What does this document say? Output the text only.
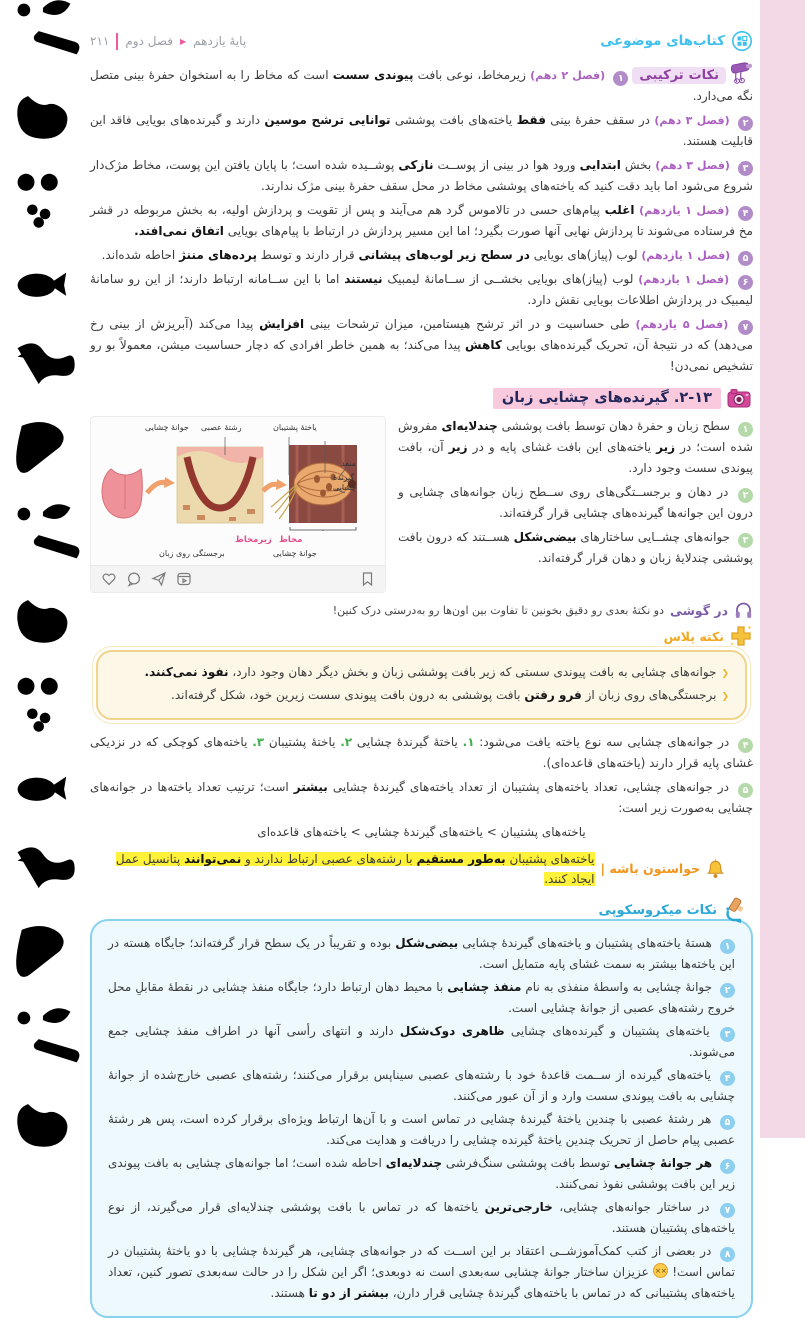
کتاب‌های موضوعی
۲۱۱ فصل دوم ▶ پایهٔ یازدهم

نکات ترکیبی۱ (فصل ۲ دهم) زیرمخاط، نوعی بافت پیوندی سست است که مخاط را به استخوان حفرهٔ بینی متصل نگه می‌دارد.

۲ (فصل ۳ دهم) در سقف حفرهٔ بینی فقط یاخته‌های بافت پوششی توانایی ترشح موسین دارند و گیرنده‌های بویایی فاقد این قابلیت هستند.

۳ (فصل ۳ دهم) بخش ابتدایی ورود هوا در بینی از پوســت نازکی پوشــیده شده است؛ با پایان یافتن این پوست، مخاط مژک‌دار شروع می‌شود اما باید دقت کنید که یاخته‌های پوششی مخاط در محل سقف حفرهٔ بینی مژک ندارند.

۴ (فصل ۱ یازدهم) اغلب پیام‌های حسی در تالاموس گرد هم می‌آیند و پس از تقویت و پردازش اولیه، به بخش مربوطه در قشر مخ فرستاده می‌شوند تا پردازش نهایی آنها صورت بگیرد؛ اما این مسیر پردازش در ارتباط با پیام‌های بویایی اتفاق نمی‌افتد.

۵ (فصل ۱ یازدهم) لوب (پیاز)های بویایی در سطح زیر لوب‌های پیشانی قرار دارند و توسط پرده‌های مننژ احاطه شده‌اند.

۶ (فصل ۱ یازدهم) لوب (پیاز)های بویایی بخشــی از ســامانهٔ لیمبیک نیستند اما با این ســامانه ارتباط دارند؛ از این رو سامانهٔ لیمبیک در پردازش اطلاعات بویایی نقش دارد.

۷ (فصل ۵ یازدهم) طی حساسیت و در اثر ترشح هیستامین، میزان ترشحات بینی افزایش پیدا می‌کند (آبریزش از بینی رخ می‌دهد) که در نتیجهٔ آن، تحریک گیرنده‌های بویایی کاهش پیدا می‌کند؛ به همین خاطر افرادی که دچار حساسیت میشن، معمولاً بو رو تشخیص نمی‌دن!

۲-۱۳. گیرنده‌های چشایی زبان

۱ سطح زبان و حفرهٔ دهان توسط بافت پوششی چندلایه‌ای مفروش شده است؛ در زیر یاخته‌های این بافت غشای پایه و در زیر آن، بافت پیوندی سست وجود دارد.

۲ در دهان و برجســتگی‌های روی ســطح زبان جوانه‌های چشایی و درون این جوانه‌ها گیرنده‌های چشایی قرار گرفته‌اند.

۳ جوانه‌های چشــایی ساختارهای بیضی‌شکل هســتند که درون بافت پوششی چندلایهٔ زبان و دهان قرار گرفته‌اند.

جوانهٔ چشایی رشتهٔ عصبی	یاختهٔ پشتیبان
منفذ
گیرندهٔ
چشایی
زیرمخاط مخاط
برجستگی روی زبان	جوانهٔ چشایی
در گوشی
دو نکتهٔ بعدی رو دقیق بخونین تا تفاوت بین اون‌ها رو به‌درستی درک کنین!
نکته پلاس

❮جوانه‌های چشایی به بافت پیوندی سستی که زیر بافت پوششی زبان و بخش دیگر دهان وجود دارد، نفوذ نمی‌کنند.

❮برجستگی‌های روی زبان از فرو رفتن بافت پوششی به درون بافت پیوندی سست زیرین خود، شکل گرفته‌اند.

۴ در جوانه‌های چشایی سه نوع یاخته یافت می‌شود: ۱. یاختهٔ گیرندهٔ چشایی ۲. یاختهٔ پشتیبان ۳. یاخته‌های کوچکی که در نزدیکی غشای پایه قرار دارند (یاخته‌های قاعده‌ای).

۵ در جوانه‌های چشایی، تعداد یاخته‌های پشتیبان از تعداد یاخته‌های گیرندهٔ چشایی بیشتر است؛ ترتیب تعداد یاخته‌ها در جوانه‌های چشایی به‌صورت زیر است:

یاخته‌های پشتیبان > یاخته‌های گیرندهٔ چشایی > یاخته‌های قاعده‌ای

حواستون باشه |
یاخته‌های پشتیبان به‌طور مستقیم با رشته‌های عصبی ارتباط ندارند و نمی‌توانند پتانسیل عمل ایجاد کنند.

نکات میکروسکوپی

۱ هستهٔ یاخته‌های پشتیبان و یاخته‌های گیرندهٔ چشایی بیضی‌شکل بوده و تقریباً در یک سطح قرار گرفته‌اند؛ جایگاه هسته در این یاخته‌ها بیشتر به سمت غشای پایه متمایل است.

۲ جوانهٔ چشایی به واسطهٔ منفذی به نام منفذ چشایی با محیط دهان ارتباط دارد؛ جایگاه منفذ چشایی در نقطهٔ مقابلِ محل خروج رشته‌های عصبی از جوانهٔ چشایی است.

۳ یاخته‌های پشتیبان و گیرنده‌های چشایی ظاهری دوک‌شکل دارند و انتهای رأسی آنها در اطراف منفذ چشایی جمع می‌شوند.

۴ یاخته‌های گیرنده از ســمت قاعدهٔ خود با رشته‌های عصبی سیناپس برقرار می‌کنند؛ رشته‌های عصبی خارج‌شده از جوانهٔ چشایی به بافت پیوندی سست وارد و از آن عبور می‌کنند.

۵ هر رشتهٔ عصبی با چندین یاختهٔ گیرندهٔ چشایی در تماس است و با آن‌ها ارتباط ویژه‌ای برقرار کرده است، پس هر رشتهٔ عصبی پیام حاصل از تحریک چندین یاختهٔ گیرنده چشایی را دریافت و هدایت می‌کند.

۶ هر جوانهٔ چشایی توسط بافت پوششی سنگ‌فرشی چندلایه‌ای احاطه شده است؛ اما جوانه‌های چشایی به بافت پیوندی زیر این بافت پوششی نفوذ نمی‌کنند.

۷ در ساختار جوانه‌های چشایی، خارجی‌ترین یاخته‌ها که در تماس با بافت پوششی چندلایه‌ای قرار می‌گیرند، از نوع یاخته‌های پشتیبان هستند.

۸ در بعضی از کتب کمک‌آموزشــی اعتقاد بر این اســت که در جوانه‌های چشایی، هر گیرندهٔ چشایی با دو یاختهٔ پشتیبان در تماس است! ×× عزیزان ساختار جوانهٔ چشایی سه‌بعدی است نه دوبعدی؛ اگر این شکل را در حالت سه‌بعدی تصور کنین، تعداد یاخته‌های پشتیبانی که در تماس با یاخته‌های گیرندهٔ چشایی قرار دارن، بیشتر از دو تا هستند.
